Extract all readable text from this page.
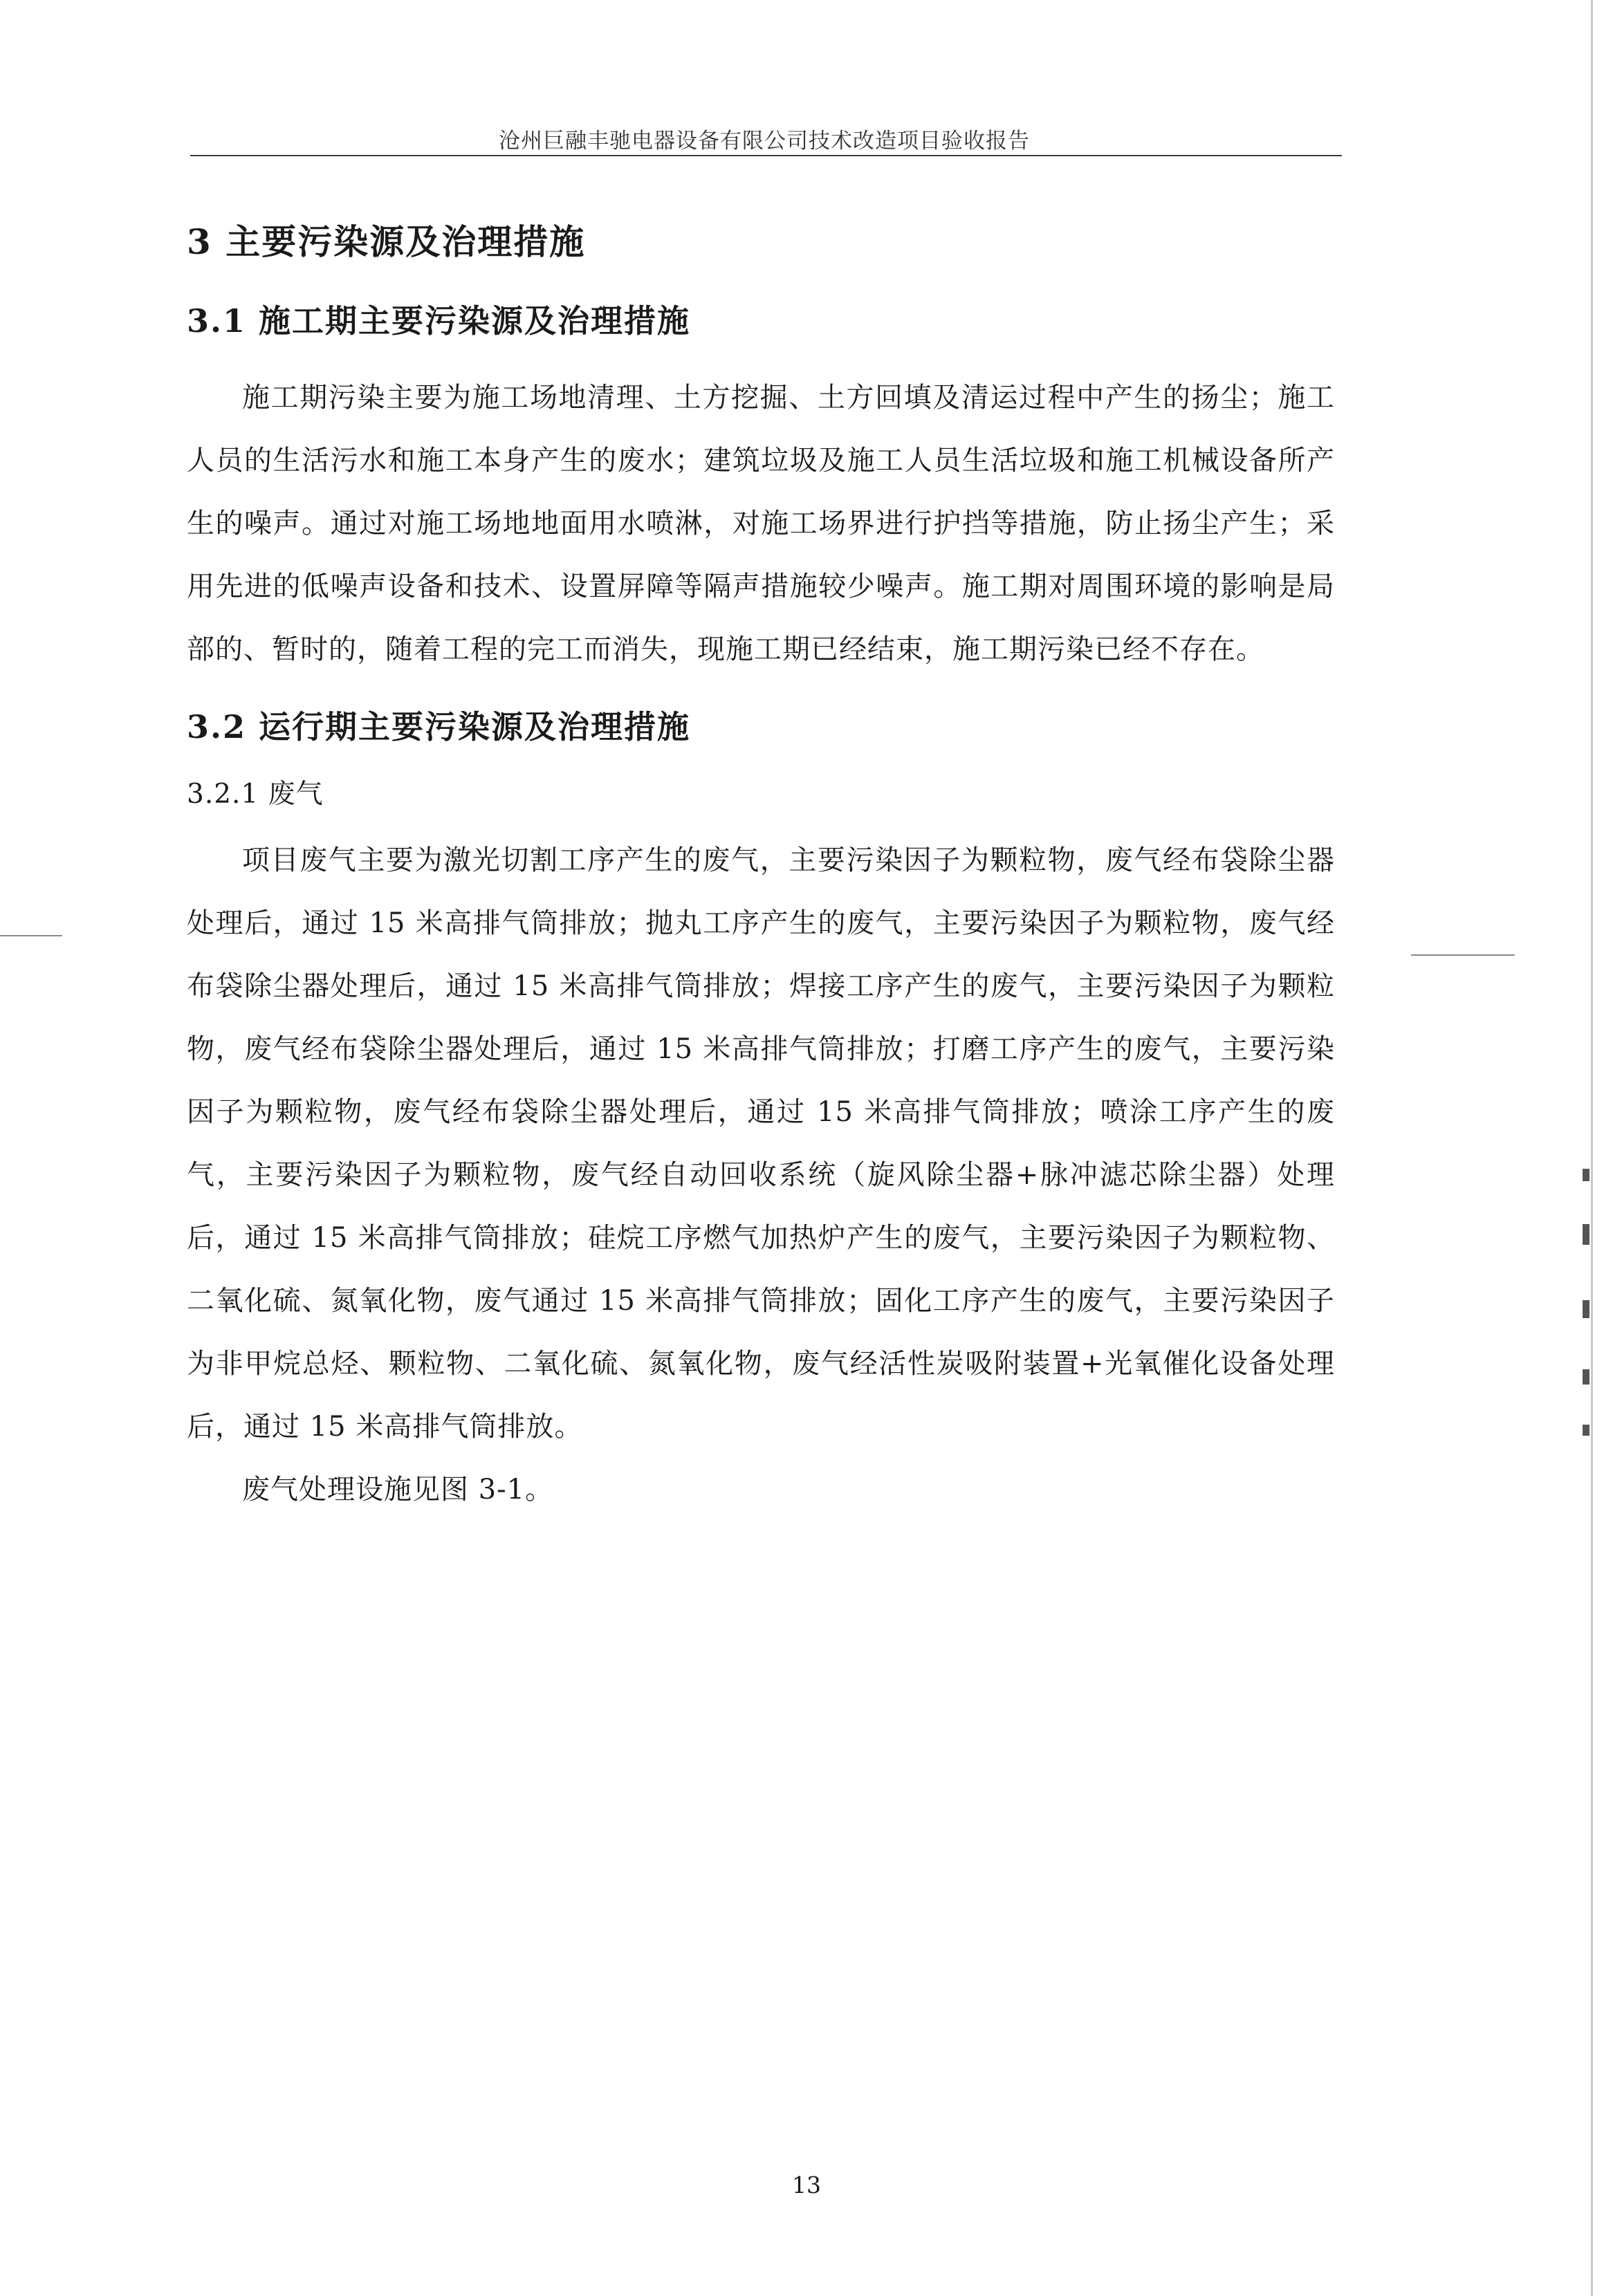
沧州巨融丰驰电器设备有限公司技术改造项目验收报告
3 主要污染源及治理措施
3.1 施工期主要污染源及治理措施

施工期污染主要为施工场地清理、土方挖掘、土方回填及清运过程中产生的扬尘；施工人员的生活污水和施工本身产生的废水；建筑垃圾及施工人员生活垃圾和施工机械设备所产生的噪声。通过对施工场地地面用水喷淋，对施工场界进行护挡等措施，防止扬尘产生；采用先进的低噪声设备和技术、设置屏障等隔声措施较少噪声。施工期对周围环境的影响是局部的、暂时的，随着工程的完工而消失，现施工期已经结束，施工期污染已经不存在。

3.2 运行期主要污染源及治理措施
3.2.1 废气

项目废气主要为激光切割工序产生的废气，主要污染因子为颗粒物，废气经布袋除尘器处理后，通过 15 米高排气筒排放；抛丸工序产生的废气，主要污染因子为颗粒物，废气经布袋除尘器处理后，通过 15 米高排气筒排放；焊接工序产生的废气，主要污染因子为颗粒物，废气经布袋除尘器处理后，通过 15 米高排气筒排放；打磨工序产生的废气，主要污染因子为颗粒物，废气经布袋除尘器处理后，通过 15 米高排气筒排放；喷涂工序产生的废气，主要污染因子为颗粒物，废气经自动回收系统（旋风除尘器+脉冲滤芯除尘器）处理后，通过 15 米高排气筒排放；硅烷工序燃气加热炉产生的废气，主要污染因子为颗粒物、二氧化硫、氮氧化物，废气通过 15 米高排气筒排放；固化工序产生的废气，主要污染因子为非甲烷总烃、颗粒物、二氧化硫、氮氧化物，废气经活性炭吸附装置+光氧催化设备处理后，通过 15 米高排气筒排放。

废气处理设施见图 3-1。

13
